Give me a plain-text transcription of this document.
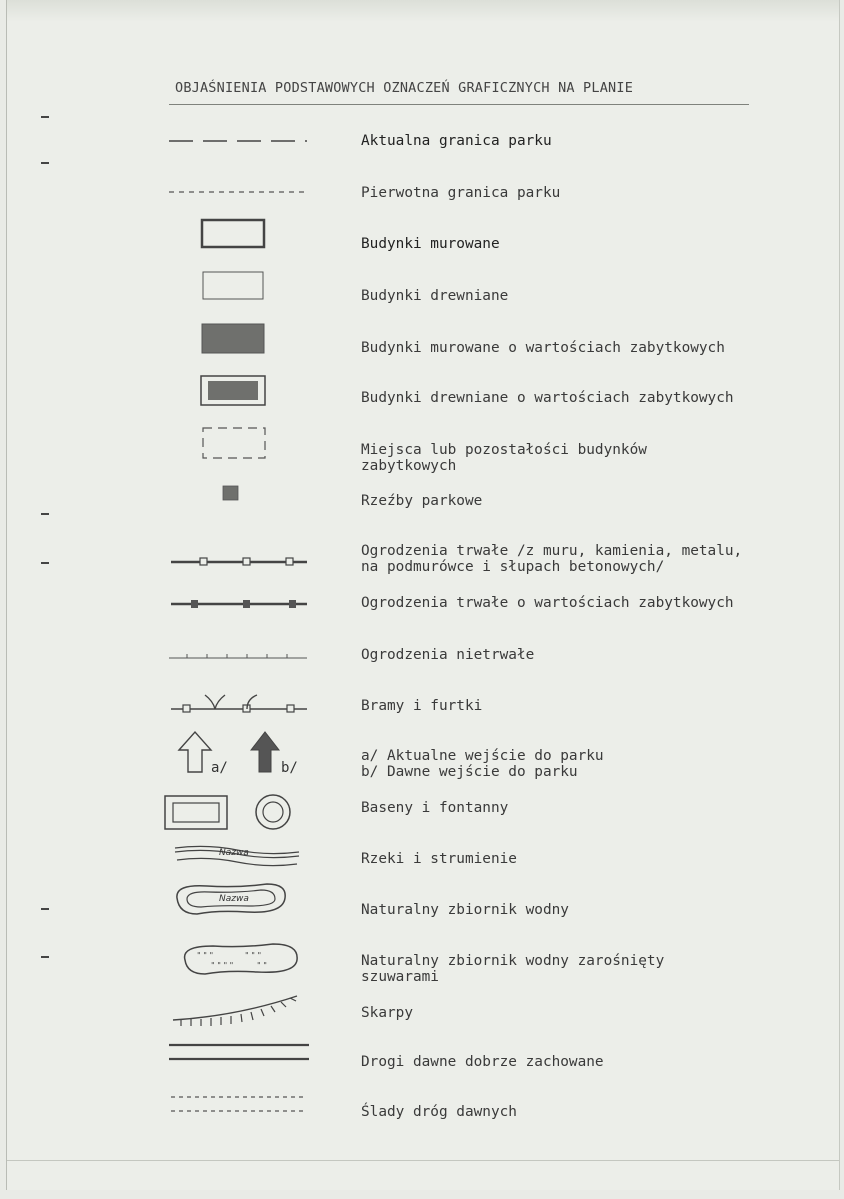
OBJAŚNIENIA PODSTAWOWYCH OZNACZEŃ GRAFICZNYCH NA PLANIE
Aktualna granica parku
Pierwotna granica parku
Budynki murowane
Budynki drewniane
Budynki murowane o wartościach zabytkowych
Budynki drewniane o wartościach zabytkowych
Miejsca lub pozostałości budynków
zabytkowych
Rzeźby parkowe
Ogrodzenia trwałe /z muru, kamienia, metalu,
na podmurówce i słupach betonowych/
Ogrodzenia trwałe o wartościach zabytkowych
Ogrodzenia nietrwałe
Bramy i furtki
a/	b/
a/ Aktualne wejście do parku
b/ Dawne wejście do parku
Baseny i fontanny
Nazwa	Rzeki i strumienie
Nazwa
Naturalny zbiornik wodny
" " "	" " "
" " " "	" "	Naturalny zbiornik wodny zarośnięty
szuwarami
Skarpy
Drogi dawne dobrze zachowane
Ślady dróg dawnych
